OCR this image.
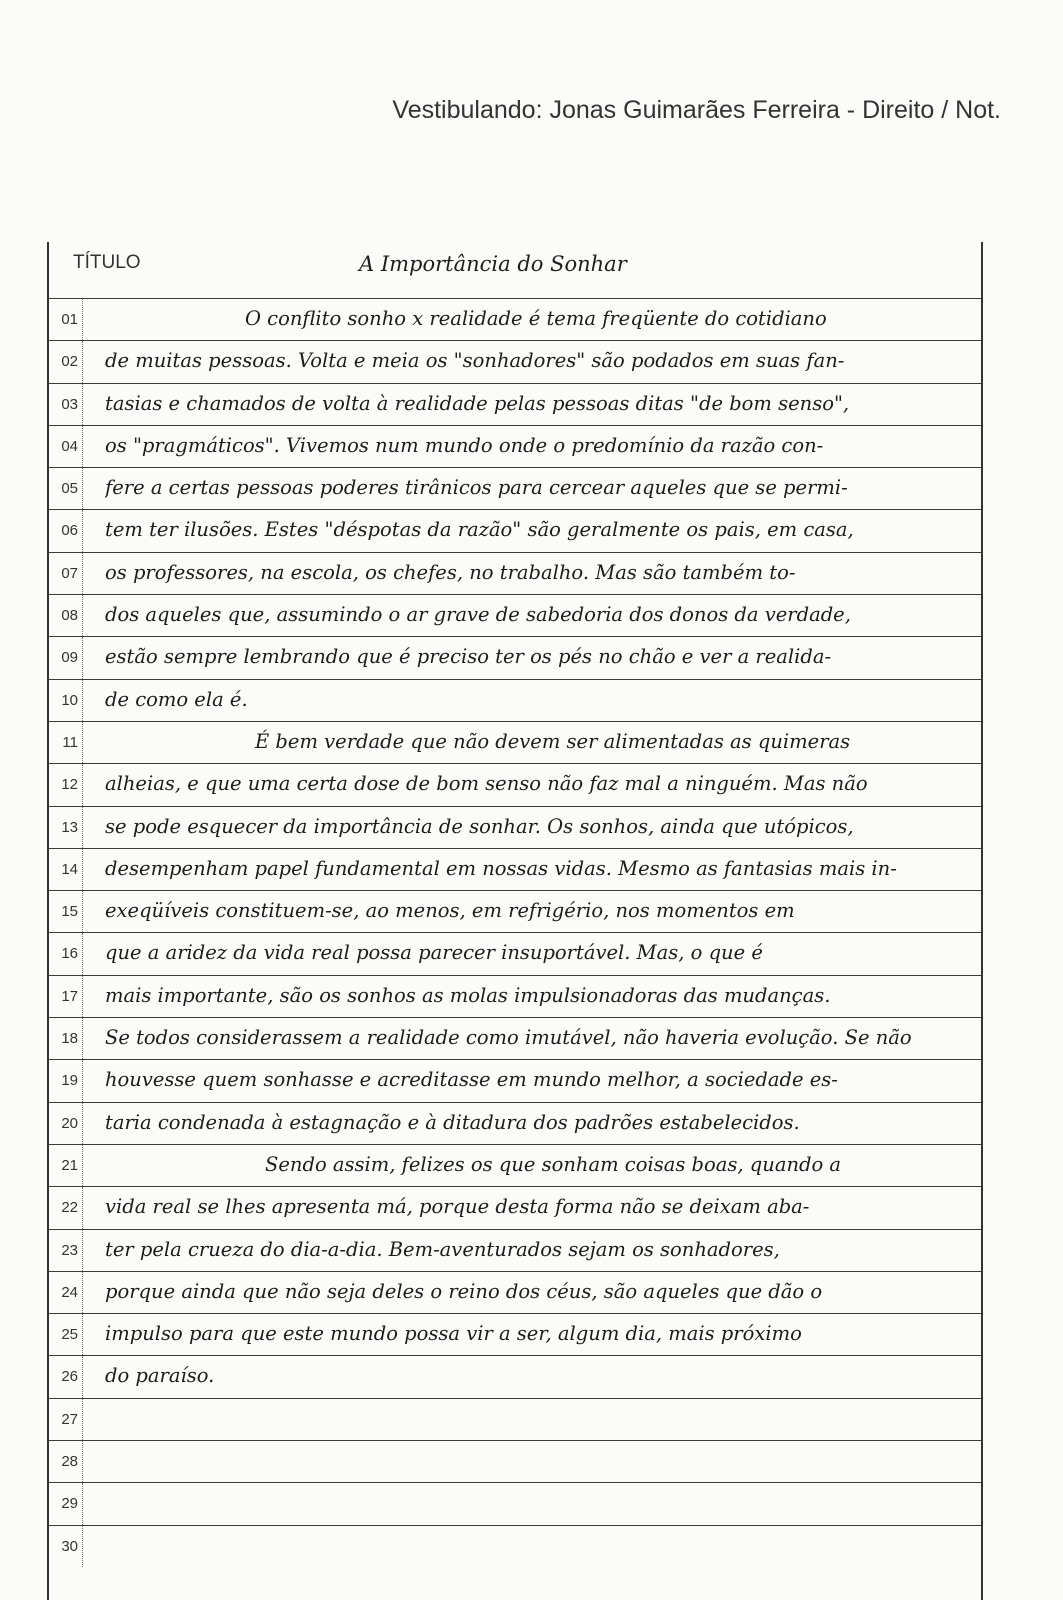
Vestibulando: Jonas Guimarães Ferreira - Direito / Not.
TÍTULO	A Importância do Sonhar
01	O conflito sonho x realidade é tema freqüente do cotidiano
02 de muitas pessoas. Volta e meia os "sonhadores" são podados em suas fan-
03 tasias e chamados de volta à realidade pelas pessoas ditas "de bom senso",
04 os "pragmáticos". Vivemos num mundo onde o predomínio da razão con-
05 fere a certas pessoas poderes tirânicos para cercear aqueles que se permi-
06 tem ter ilusões. Estes "déspotas da razão" são geralmente os pais, em casa,
07 os professores, na escola, os chefes, no trabalho. Mas são também to-
08 dos aqueles que, assumindo o ar grave de sabedoria dos donos da verdade,
09 estão sempre lembrando que é preciso ter os pés no chão e ver a realida-
10 de como ela é.
11	É bem verdade que não devem ser alimentadas as quimeras
12 alheias, e que uma certa dose de bom senso não faz mal a ninguém. Mas não
13 se pode esquecer da importância de sonhar. Os sonhos, ainda que utópicos,
14 desempenham papel fundamental em nossas vidas. Mesmo as fantasias mais in-
15 exeqüíveis constituem-se, ao menos, em refrigério, nos momentos em
16 que a aridez da vida real possa parecer insuportável. Mas, o que é
17 mais importante, são os sonhos as molas impulsionadoras das mudanças.
18 Se todos considerassem a realidade como imutável, não haveria evolução. Se não
19 houvesse quem sonhasse e acreditasse em mundo melhor, a sociedade es-
20 taria condenada à estagnação e à ditadura dos padrões estabelecidos.
21	Sendo assim, felizes os que sonham coisas boas, quando a
22 vida real se lhes apresenta má, porque desta forma não se deixam aba-
23 ter pela crueza do dia-a-dia. Bem-aventurados sejam os sonhadores,
24 porque ainda que não seja deles o reino dos céus, são aqueles que dão o
25 impulso para que este mundo possa vir a ser, algum dia, mais próximo
26 do paraíso.
27
28
29
30
